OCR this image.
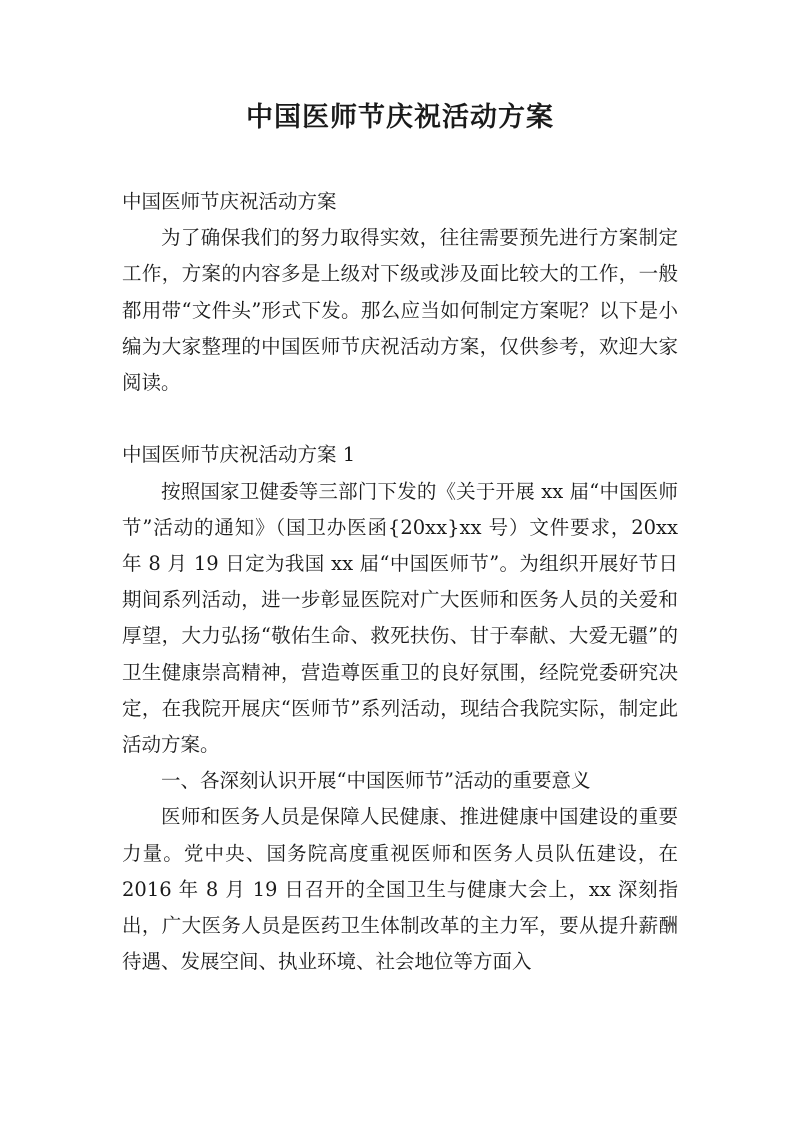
中国医师节庆祝活动方案

中国医师节庆祝活动方案

为了确保我们的努力取得实效，往往需要预先进行方案制定工作，方案的内容多是上级对下级或涉及面比较大的工作，一般都用带“文件头”形式下发。那么应当如何制定方案呢？以下是小编为大家整理的中国医师节庆祝活动方案，仅供参考，欢迎大家阅读。

中国医师节庆祝活动方案 1

按照国家卫健委等三部门下发的《关于开展 xx 届“中国医师节”活动的通知》（国卫办医函{20xx}xx 号）文件要求，20xx 年 8 月 19 日定为我国 xx 届“中国医师节”。为组织开展好节日期间系列活动，进一步彰显医院对广大医师和医务人员的关爱和厚望，大力弘扬“敬佑生命、救死扶伤、甘于奉献、大爱无疆”的卫生健康崇高精神，营造尊医重卫的良好氛围，经院党委研究决定，在我院开展庆“医师节”系列活动，现结合我院实际，制定此活动方案。

一、各深刻认识开展“中国医师节”活动的重要意义

医师和医务人员是保障人民健康、推进健康中国建设的重要力量。党中央、国务院高度重视医师和医务人员队伍建设，在 2016 年 8 月 19 日召开的全国卫生与健康大会上，xx 深刻指出，广大医务人员是医药卫生体制改革的主力军，要从提升薪酬待遇、发展空间、执业环境、社会地位等方面入
